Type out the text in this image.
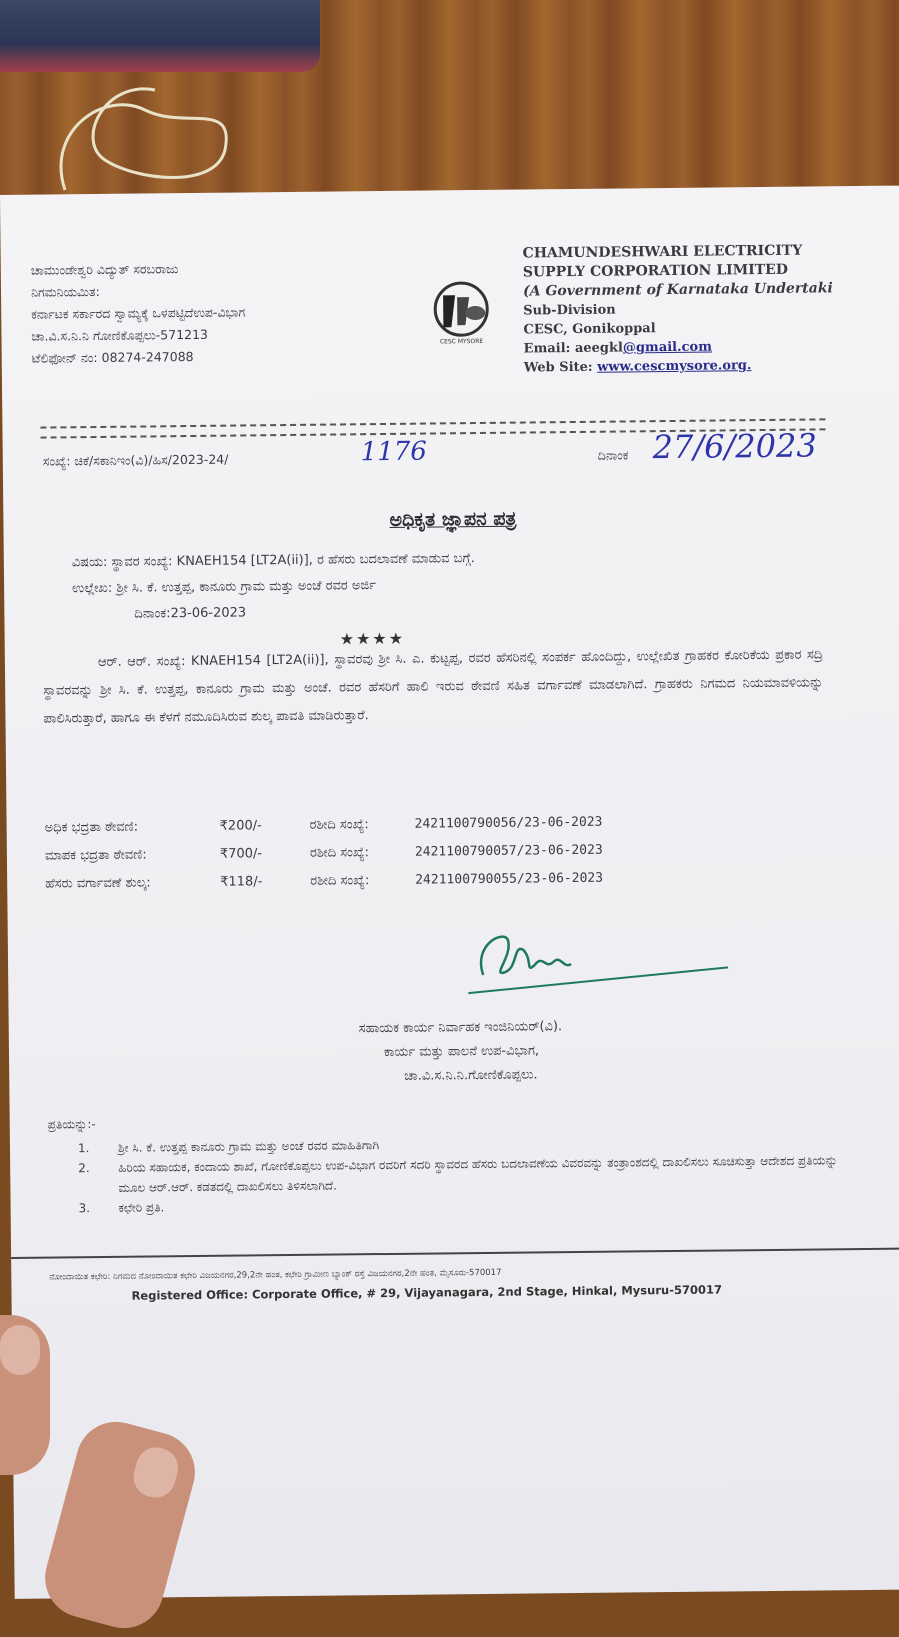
ಚಾಮುಂಡೇಶ್ವರಿ ವಿದ್ಯುತ್ ಸರಬರಾಜು
ನಿಗಮನಿಯಮಿತ:
ಕರ್ನಾಟಕ ಸರ್ಕಾರದ ಸ್ವಾಮ್ಯಕ್ಕೆ ಒಳಪಟ್ಟಿದೆಉಪ-ವಿಭಾಗ
ಚಾ.ವಿ.ಸ.ನಿ.ನಿ ಗೋಣಿಕೊಪ್ಪಲು-571213
ಟೆಲಿಫೋನ್ ನಂ: 08274-247088
CESC MYSORE
CHAMUNDESHWARI ELECTRICITY
SUPPLY CORPORATION LIMITED
(A Government of Karnataka Undertaki
Sub-Division
CESC, Gonikoppal
Email: aeegkl@gmail.com
Web Site: www.cescmysore.org.
ಸಂಖ್ಯೆ: ಚಿಕೆ/ಸಕಾನಿಇಂ(ವಿ)/ಹಿಸ/2023-24/	1176	ದಿನಾಂಕ 27/6/2023
ಅಧಿಕೃತ ಜ್ಞಾಪನ ಪತ್ರ
ವಿಷಯ: ಸ್ಥಾವರ ಸಂಖ್ಯೆ: KNAEH154 [LT2A(ii)], ರ ಹೆಸರು ಬದಲಾವಣೆ ಮಾಡುವ ಬಗ್ಗೆ.
ಉಲ್ಲೇಖ: ಶ್ರೀ ಸಿ. ಕೆ. ಉತ್ತಪ್ಪ, ಕಾನೂರು ಗ್ರಾಮ ಮತ್ತು ಅಂಚೆ ರವರ ಅರ್ಜಿ
ದಿನಾಂಕ:23-06-2023
★★★★
ಆರ್. ಆರ್. ಸಂಖ್ಯೆ: KNAEH154 [LT2A(ii)], ಸ್ಥಾವರವು ಶ್ರೀ ಸಿ. ಎ. ಕುಟ್ಟಪ್ಪ, ರವರ ಹೆಸರಿನಲ್ಲಿ ಸಂಪರ್ಕ ಹೊಂದಿದ್ದು, ಉಲ್ಲೇಖಿತ ಗ್ರಾಹಕರ ಕೋರಿಕೆಯ ಪ್ರಕಾರ ಸದ್ರಿ ಸ್ಥಾವರವನ್ನು ಶ್ರೀ ಸಿ. ಕೆ. ಉತ್ತಪ್ಪ, ಕಾನೂರು ಗ್ರಾಮ ಮತ್ತು ಅಂಚೆ. ರವರ ಹೆಸರಿಗೆ ಹಾಲಿ ಇರುವ ಠೇವಣಿ ಸಹಿತ ವರ್ಗಾವಣೆ ಮಾಡಲಾಗಿದೆ. ಗ್ರಾಹಕರು ನಿಗಮದ ನಿಯಮಾವಳಿಯನ್ನು ಪಾಲಿಸಿರುತ್ತಾರೆ, ಹಾಗೂ ಈ ಕೆಳಗೆ ನಮೂದಿಸಿರುವ ಶುಲ್ಕ ಪಾವತಿ ಮಾಡಿರುತ್ತಾರೆ.
ಅಧಿಕ ಭದ್ರತಾ ಠೇವಣಿ:	₹200/-	ರಶೀದಿ ಸಂಖ್ಯೆ:	2421100790056/23-06-2023
ಮಾಪಕ ಭದ್ರತಾ ಠೇವಣಿ:	₹700/-	ರಶೀದಿ ಸಂಖ್ಯೆ:	2421100790057/23-06-2023
ಹೆಸರು ವರ್ಗಾವಣೆ ಶುಲ್ಕ:	₹118/-	ರಶೀದಿ ಸಂಖ್ಯೆ:	2421100790055/23-06-2023
ಸಹಾಯಕ ಕಾರ್ಯ ನಿರ್ವಾಹಕ ಇಂಜಿನಿಯರ್(ವಿ).
ಕಾರ್ಯ ಮತ್ತು ಪಾಲನೆ ಉಪ-ವಿಭಾಗ,
ಚಾ.ವಿ.ಸ.ನಿ.ನಿ.ಗೋಣಿಕೊಪ್ಪಲು.
ಪ್ರತಿಯನ್ನು:-
1.	ಶ್ರೀ ಸಿ. ಕೆ. ಉತ್ತಪ್ಪ ಕಾನೂರು ಗ್ರಾಮ ಮತ್ತು ಅಂಚೆ ರವರ ಮಾಹಿತಿಗಾಗಿ
2.	ಹಿರಿಯ ಸಹಾಯಕ, ಕಂದಾಯ ಶಾಖೆ, ಗೋಣಿಕೊಪ್ಪಲು ಉಪ-ವಿಭಾಗ ರವರಿಗೆ ಸದರಿ ಸ್ಥಾವರದ ಹೆಸರು ಬದಲಾವಣೆಯ ವಿವರವನ್ನು ತಂತ್ರಾಂಶದಲ್ಲಿ ದಾಖಲಿಸಲು ಸೂಚಿಸುತ್ತಾ ಆದೇಶದ ಪ್ರತಿಯನ್ನು ಮೂಲ ಆರ್.ಆರ್. ಕಡತದಲ್ಲಿ ದಾಖಲಿಸಲು ತಿಳಿಸಲಾಗಿದೆ.
3.	ಕಛೇರಿ ಪ್ರತಿ.
ನೋಂದಾಯಿತ ಕಛೇರಿ: ನಿಗಮದ ನೋಂದಾಯಿತ ಕಛೇರಿ ವಿಜಯನಗರ,29,2ನೇ ಹಂತ, ಕಛೇರಿ ಗ್ರಾಮೀಣ ಬ್ಯಾಂಕ್ ರಸ್ತೆ ವಿಜಯನಗರ,2ನೇ ಹಂತ, ಮೈಸೂರು-570017
Registered Office: Corporate Office, # 29, Vijayanagara, 2nd Stage, Hinkal, Mysuru-570017
